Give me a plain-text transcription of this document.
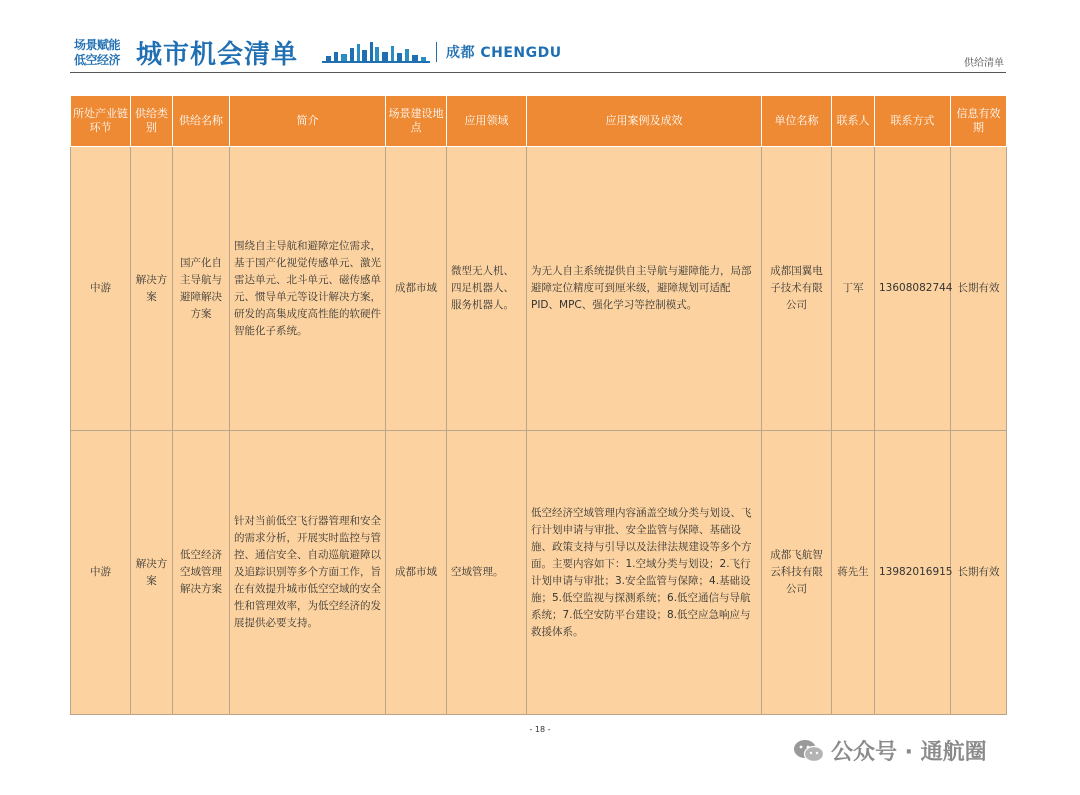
场景赋能
低空经济 城市机会清单	成都 CHENGDU
供给清单
所处产业链环节	供给类别	供给名称	简介	场景建设地点	应用领域	应用案例及成效	单位名称	联系人	联系方式	信息有效期
中游	解决方案	国产化自主导航与避障解决方案	围绕自主导航和避障定位需求，基于国产化视觉传感单元、激光雷达单元、北斗单元、磁传感单元、惯导单元等设计解决方案，研发的高集成度高性能的软硬件智能化子系统。	成都市域	微型无人机、四足机器人、服务机器人。	为无人自主系统提供自主导航与避障能力，局部避障定位精度可到厘米级，避障规划可适配PID、MPC、强化学习等控制模式。	成都国翼电子技术有限公司	丁军	13608082744	长期有效
中游	解决方案	低空经济空域管理解决方案	针对当前低空飞行器管理和安全的需求分析，开展实时监控与管控、通信安全、自动巡航避障以及追踪识别等多个方面工作，旨在有效提升城市低空空域的安全性和管理效率，为低空经济的发展提供必要支持。	成都市域	空域管理。	低空经济空域管理内容涵盖空域分类与划设、飞行计划申请与审批、安全监管与保障、基础设施、政策支持与引导以及法律法规建设等多个方面。主要内容如下：1.空域分类与划设；2.飞行计划申请与审批；3.安全监管与保障；4.基础设施；5.低空监视与探测系统；6.低空通信与导航系统；7.低空安防平台建设；8.低空应急响应与救援体系。	成都飞航智云科技有限公司	蒋先生	13982016915	长期有效
- 18 -
公众号 · 通航圈
